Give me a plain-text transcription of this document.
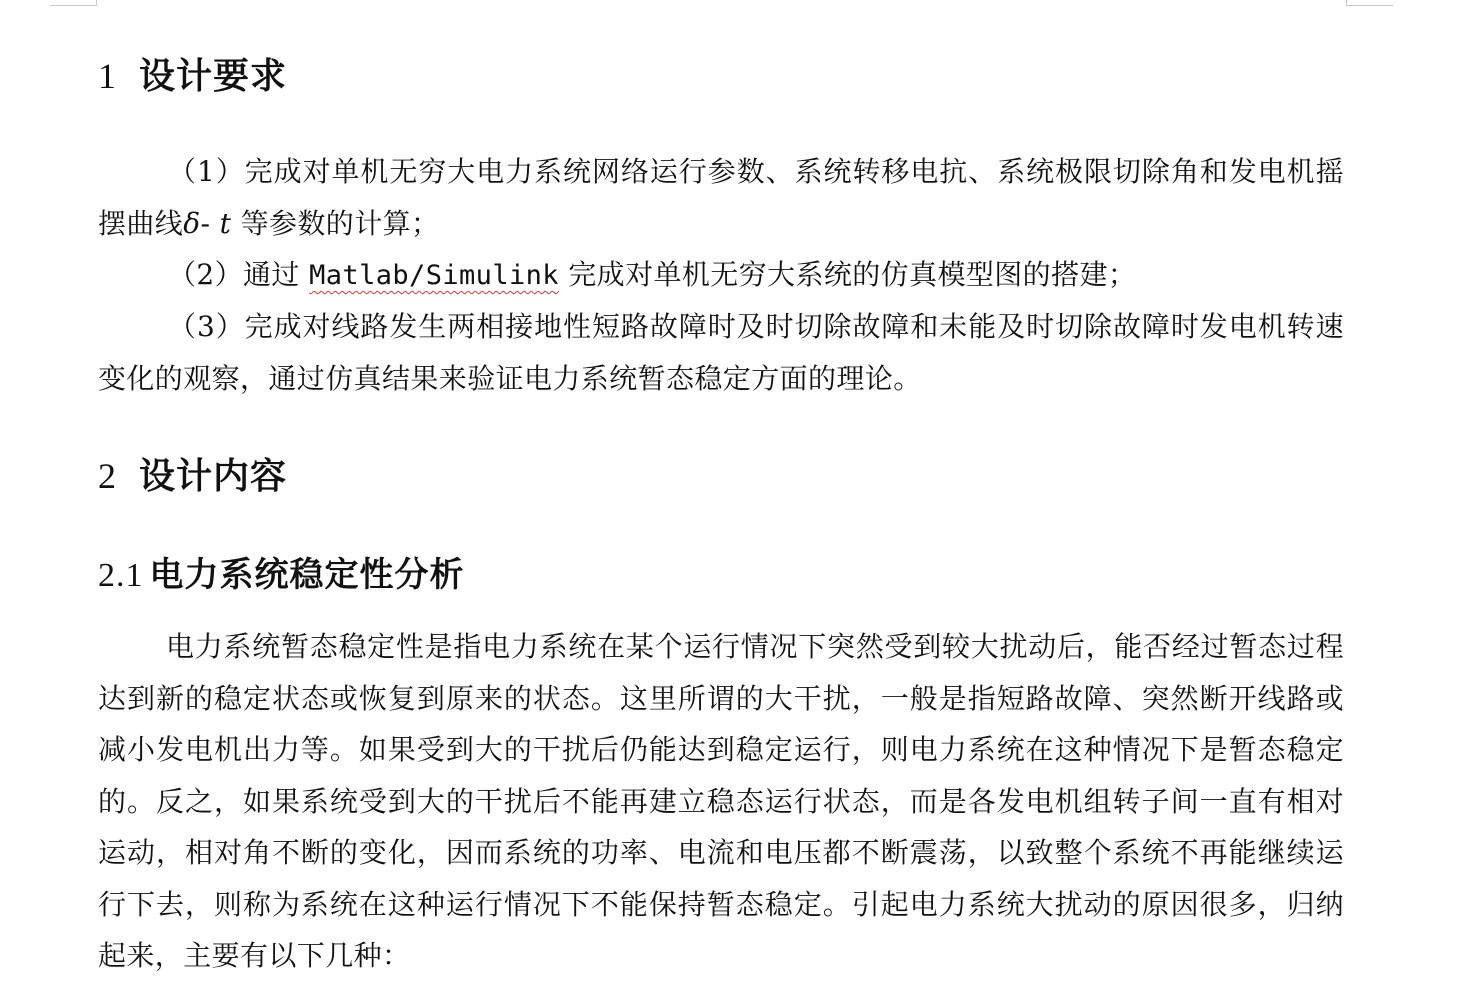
1 设计要求

（1）完成对单机无穷大电力系统网络运行参数、系统转移电抗、系统极限切除角和发电机摇摆曲线δ- t 等参数的计算；

（2）通过 Matlab/Simulink 完成对单机无穷大系统的仿真模型图的搭建；

（3）完成对线路发生两相接地性短路故障时及时切除故障和未能及时切除故障时发电机转速变化的观察，通过仿真结果来验证电力系统暂态稳定方面的理论。

2 设计内容
2.1 电力系统稳定性分析

电力系统暂态稳定性是指电力系统在某个运行情况下突然受到较大扰动后，能否经过暂态过程达到新的稳定状态或恢复到原来的状态。这里所谓的大干扰，一般是指短路故障、突然断开线路或减小发电机出力等。如果受到大的干扰后仍能达到稳定运行，则电力系统在这种情况下是暂态稳定的。反之，如果系统受到大的干扰后不能再建立稳态运行状态，而是各发电机组转子间一直有相对运动，相对角不断的变化，因而系统的功率、电流和电压都不断震荡，以致整个系统不再能继续运行下去，则称为系统在这种运行情况下不能保持暂态稳定。引起电力系统大扰动的原因很多，归纳起来，主要有以下几种：
